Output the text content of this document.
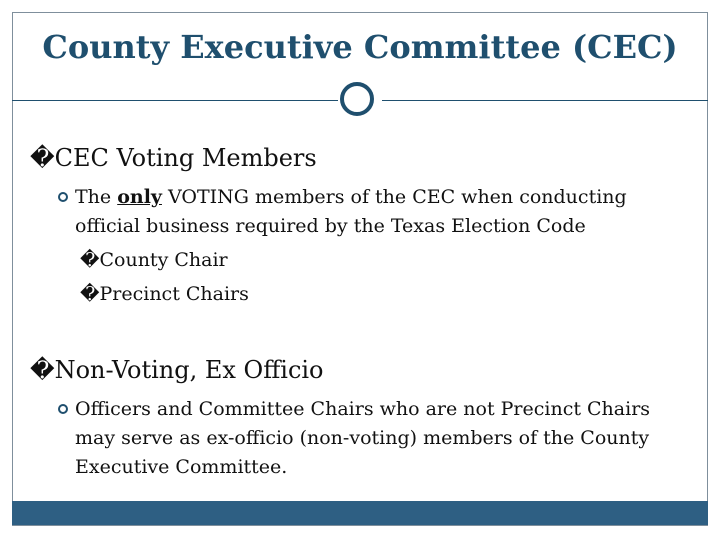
County Executive Committee (CEC)
�CEC Voting Members
The only VOTING members of the CEC when conducting official business required by the Texas Election Code
�County Chair
�Precinct Chairs
�Non-Voting, Ex Officio
Officers and Committee Chairs who are not Precinct Chairs may serve as ex-officio (non-voting) members of the County Executive Committee.
